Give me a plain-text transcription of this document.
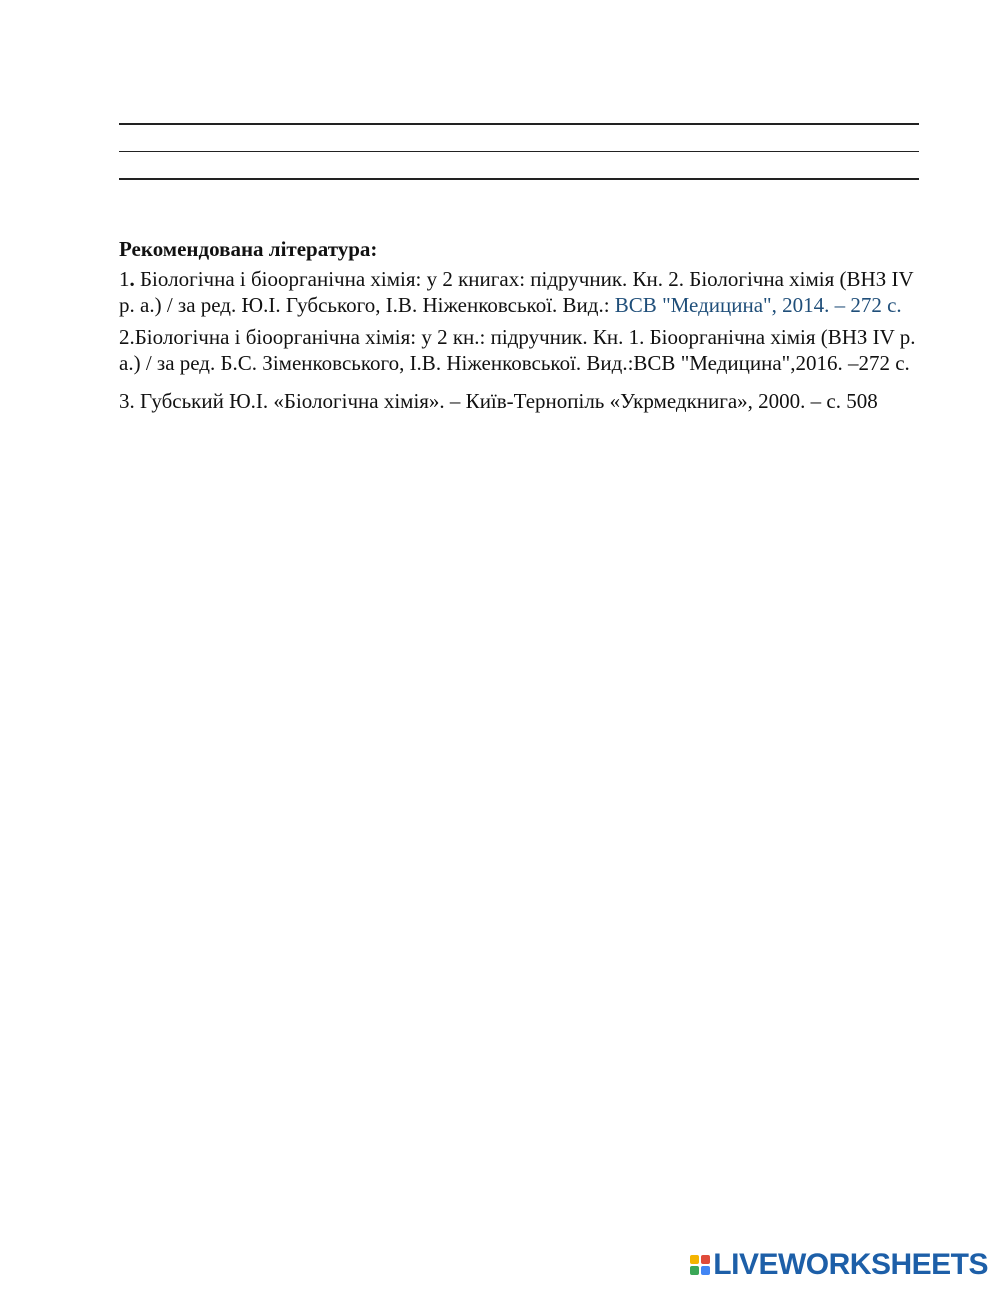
Рекомендована література:
1. Біологічна і біоорганічна хімія: у 2 книгах: підручник. Кн. 2. Біологічна хімія (ВНЗ IV р. а.) / за ред. Ю.І. Губського, І.В. Ніженковської. Вид.: ВСВ "Медицина", 2014. – 272 с.
2.Біологічна і біоорганічна хімія: у 2 кн.: підручник. Кн. 1. Біоорганічна хімія (ВНЗ IV р. а.) / за ред. Б.С. Зіменковського, І.В. Ніженковської. Вид.:ВСВ "Медицина",2016. –272 с.
3. Губський Ю.І. «Біологічна хімія». – Київ-Тернопіль «Укрмедкнига», 2000. – с. 508
LIVEWORKSHEETS
